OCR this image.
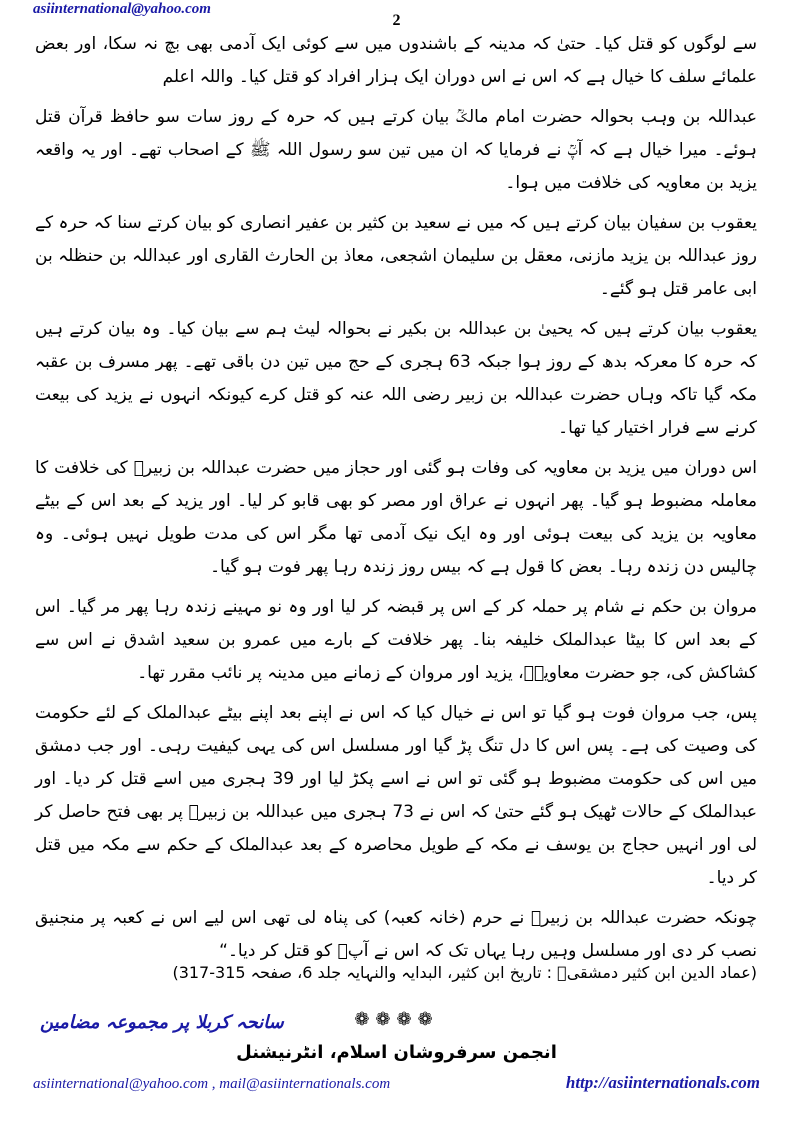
asiinternational@yahoo.com
2

سے لوگوں کو قتل کیا۔ حتیٰ کہ مدینہ کے باشندوں میں سے کوئی ایک آدمی بھی بچ نہ سکا، اور بعض علمائے سلف کا خیال ہے کہ اس نے اس دوران ایک ہزار افراد کو قتل کیا۔ واللہ اعلم

عبداللہ بن وہب بحوالہ حضرت امام مالکؒ بیان کرتے ہیں کہ حرہ کے روز سات سو حافظ قرآن قتل ہوئے۔ میرا خیال ہے کہ آپؒ نے فرمایا کہ ان میں تین سو رسول اللہ ﷺ کے اصحاب تھے۔ اور یہ واقعہ یزید بن معاویہ کی خلافت میں ہوا۔

یعقوب بن سفیان بیان کرتے ہیں کہ میں نے سعید بن کثیر بن عفیر انصاری کو بیان کرتے سنا کہ حرہ کے روز عبداللہ بن یزید مازنی، معقل بن سلیمان اشجعی، معاذ بن الحارث القاری اور عبداللہ بن حنظلہ بن ابی عامر قتل ہو گئے۔

یعقوب بیان کرتے ہیں کہ یحییٰ بن عبداللہ بن بکیر نے بحوالہ لیث ہم سے بیان کیا۔ وہ بیان کرتے ہیں کہ حرہ کا معرکہ بدھ کے روز ہوا جبکہ 63 ہجری کے حج میں تین دن باقی تھے۔ پھر مسرف بن عقبہ مکہ گیا تاکہ وہاں حضرت عبداللہ بن زبیر رضی اللہ عنہ کو قتل کرے کیونکہ انہوں نے یزید کی بیعت کرنے سے فرار اختیار کیا تھا۔

اس دوران میں یزید بن معاویہ کی وفات ہو گئی اور حجاز میں حضرت عبداللہ بن زبیرؓ کی خلافت کا معاملہ مضبوط ہو گیا۔ پھر انہوں نے عراق اور مصر کو بھی قابو کر لیا۔ اور یزید کے بعد اس کے بیٹے معاویہ بن یزید کی بیعت ہوئی اور وہ ایک نیک آدمی تھا مگر اس کی مدت طویل نہیں ہوئی۔ وہ چالیس دن زندہ رہا۔ بعض کا قول ہے کہ بیس روز زندہ رہا پھر فوت ہو گیا۔

مروان بن حکم نے شام پر حملہ کر کے اس پر قبضہ کر لیا اور وہ نو مہینے زندہ رہا پھر مر گیا۔ اس کے بعد اس کا بیٹا عبدالملک خلیفہ بنا۔ پھر خلافت کے بارے میں عمرو بن سعید اشدق نے اس سے کشاکش کی، جو حضرت معاویہؓ، یزید اور مروان کے زمانے میں مدینہ پر نائب مقرر تھا۔

پس، جب مروان فوت ہو گیا تو اس نے خیال کیا کہ اس نے اپنے بعد اپنے بیٹے عبدالملک کے لئے حکومت کی وصیت کی ہے۔ پس اس کا دل تنگ پڑ گیا اور مسلسل اس کی یہی کیفیت رہی۔ اور جب دمشق میں اس کی حکومت مضبوط ہو گئی تو اس نے اسے پکڑ لیا اور 39 ہجری میں اسے قتل کر دیا۔ اور عبدالملک کے حالات ٹھیک ہو گئے حتیٰ کہ اس نے 73 ہجری میں عبداللہ بن زبیرؓ پر بھی فتح حاصل کر لی اور انہیں حجاج بن یوسف نے مکہ کے طویل محاصرہ کے بعد عبدالملک کے حکم سے مکہ میں قتل کر دیا۔

چونکہ حضرت عبداللہ بن زبیرؓ نے حرم (خانہ کعبہ) کی پناہ لی تھی اس لیے اس نے کعبہ پر منجنیق نصب کر دی اور مسلسل وہیں رہا یہاں تک کہ اس نے آپؓ کو قتل کر دیا۔“

(عماد الدین ابن کثیر دمشقیؒ : تاریخ ابن کثیر، البدایہ والنہایہ جلد 6، صفحہ 315-317)
سانحہ کربلا پر مجموعہ مضامین	❁❁❁❁
انجمن سرفروشان اسلام، انٹرنیشنل
asiinternational@yahoo.com , mail@asiinternationals.com	http://asiinternationals.com
